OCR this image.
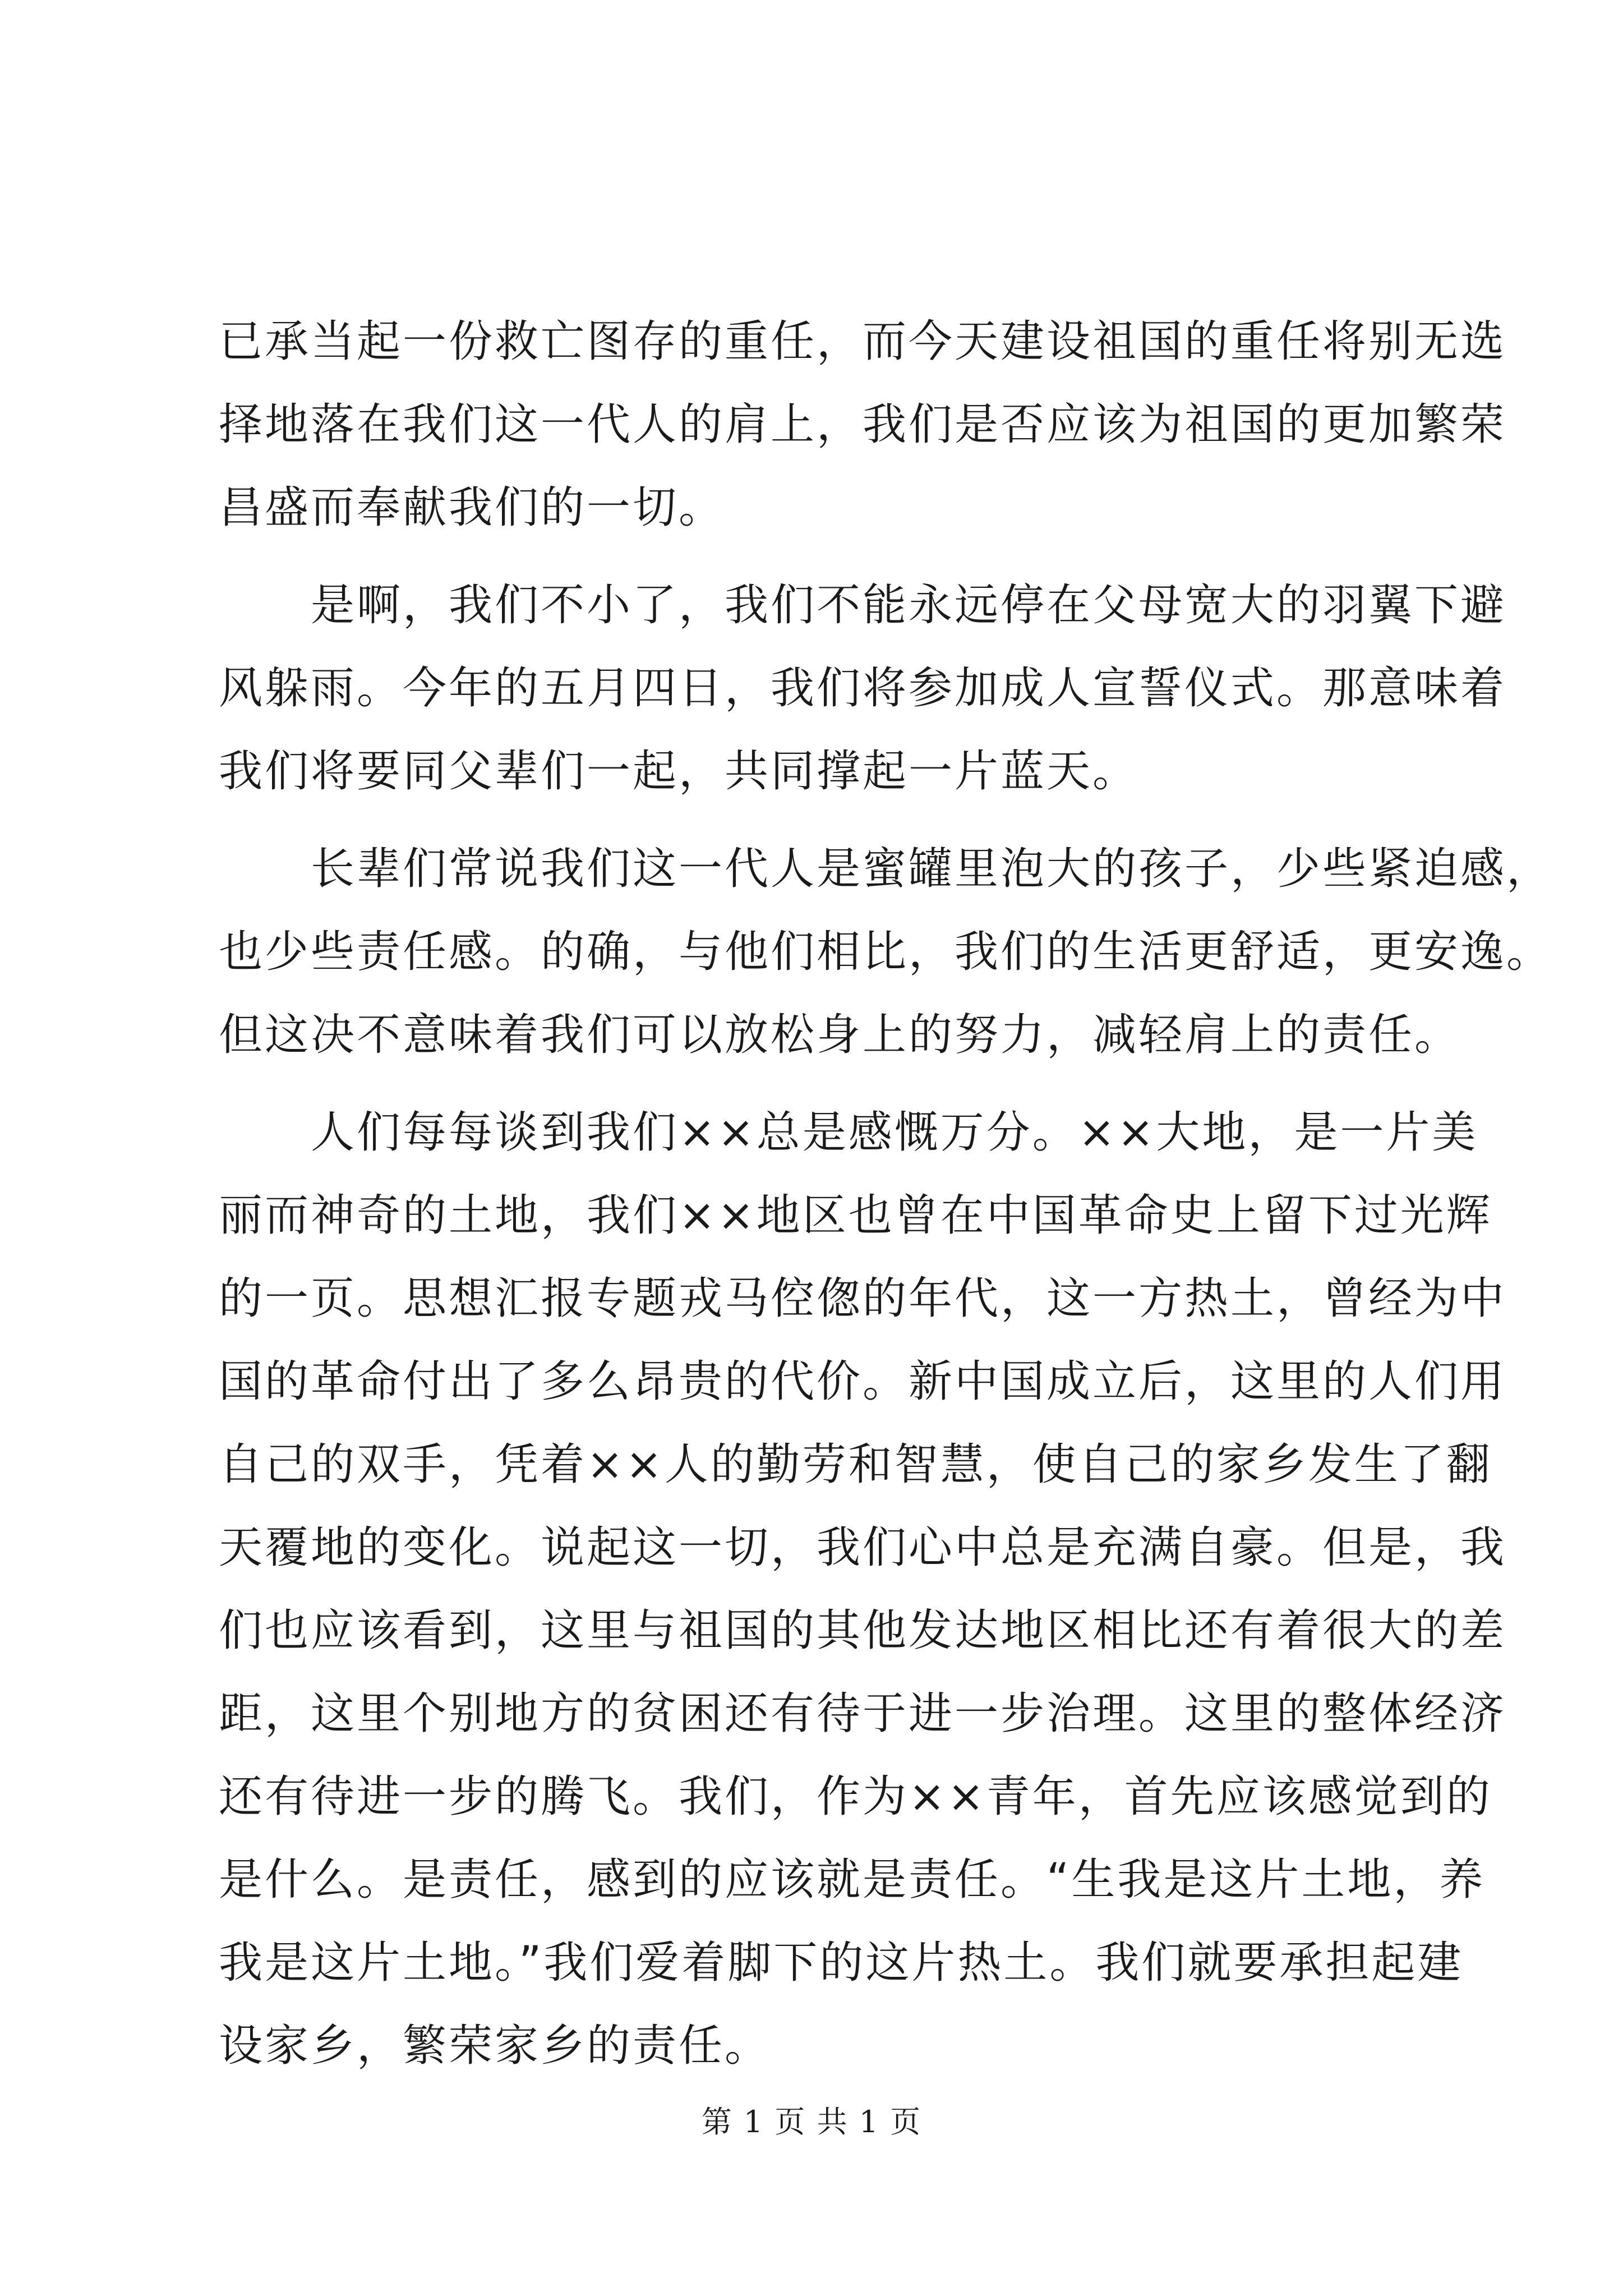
已承当起一份救亡图存的重任，而今天建设祖国的重任将别无选
择地落在我们这一代人的肩上，我们是否应该为祖国的更加繁荣
昌盛而奉献我们的一切。
是啊，我们不小了，我们不能永远停在父母宽大的羽翼下避
风躲雨。今年的五月四日，我们将参加成人宣誓仪式。那意味着
我们将要同父辈们一起，共同撑起一片蓝天。
长辈们常说我们这一代人是蜜罐里泡大的孩子，少些紧迫感，
也少些责任感。的确，与他们相比，我们的生活更舒适，更安逸。
但这决不意味着我们可以放松身上的努力，减轻肩上的责任。
人们每每谈到我们××总是感慨万分。××大地，是一片美
丽而神奇的土地，我们××地区也曾在中国革命史上留下过光辉
的一页。思想汇报专题戎马倥偬的年代，这一方热土，曾经为中
国的革命付出了多么昂贵的代价。新中国成立后，这里的人们用
自己的双手，凭着××人的勤劳和智慧，使自己的家乡发生了翻
天覆地的变化。说起这一切，我们心中总是充满自豪。但是，我
们也应该看到，这里与祖国的其他发达地区相比还有着很大的差
距，这里个别地方的贫困还有待于进一步治理。这里的整体经济
还有待进一步的腾飞。我们，作为××青年，首先应该感觉到的
是什么。是责任，感到的应该就是责任。“生我是这片土地，养
我是这片土地。”我们爱着脚下的这片热土。我们就要承担起建
设家乡，繁荣家乡的责任。
第 1 页 共 1 页
